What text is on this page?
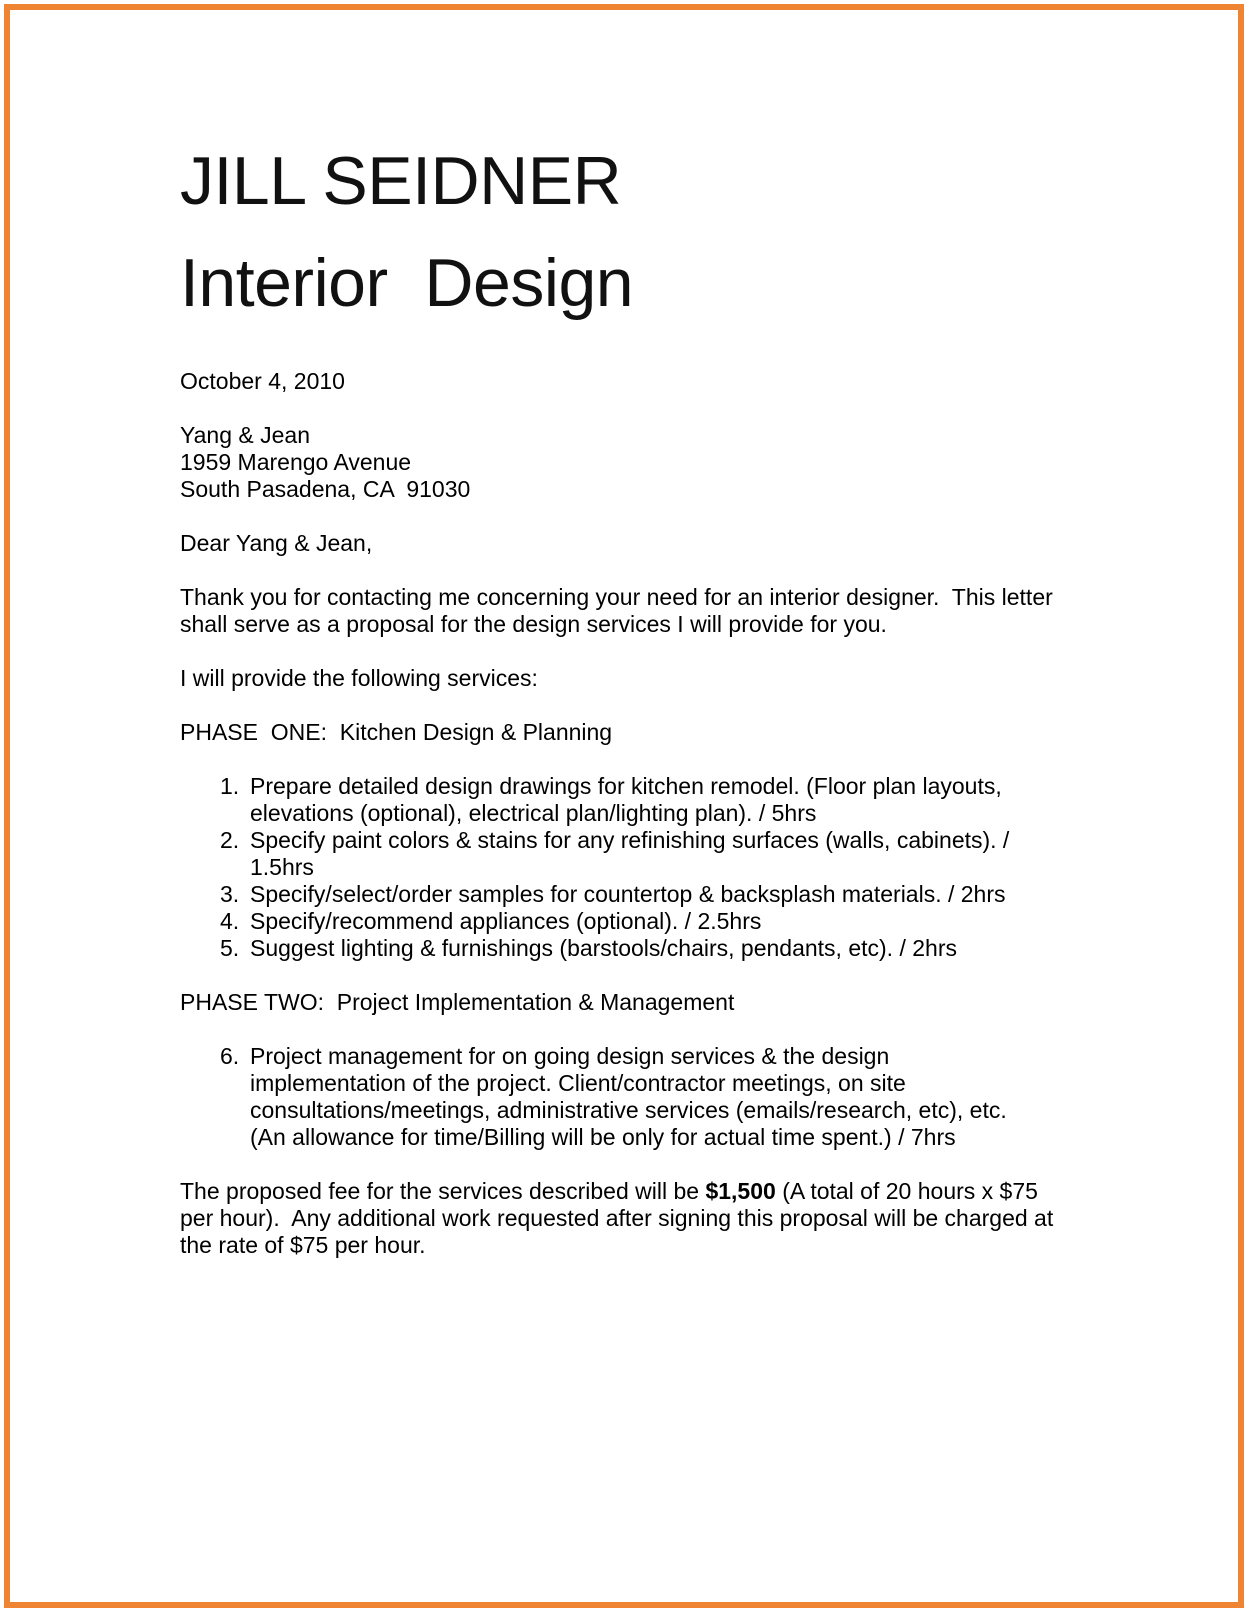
JILL SEIDNER
Interior  Design

October 4, 2010

Yang & Jean

1959 Marengo Avenue

South Pasadena, CA  91030

Dear Yang & Jean,

Thank you for contacting me concerning your need for an interior designer.  This letter shall serve as a proposal for the design services I will provide for you.

I will provide the following services:

PHASE  ONE:  Kitchen Design & Planning

1. Prepare detailed design drawings for kitchen remodel. (Floor plan layouts, elevations (optional), electrical plan/lighting plan). / 5hrs
2. Specify paint colors & stains for any refinishing surfaces (walls, cabinets). / 1.5hrs
3. Specify/select/order samples for countertop & backsplash materials. / 2hrs
4. Specify/recommend appliances (optional). / 2.5hrs
5. Suggest lighting & furnishings (barstools/chairs, pendants, etc). / 2hrs

PHASE TWO:  Project Implementation & Management

6. Project management for on going design services & the design implementation of the project. Client/contractor meetings, on site consultations/meetings, administrative services (emails/research, etc), etc. (An allowance for time/Billing will be only for actual time spent.) / 7hrs

The proposed fee for the services described will be $1,500 (A total of 20 hours x $75 per hour).  Any additional work requested after signing this proposal will be charged at the rate of $75 per hour.
